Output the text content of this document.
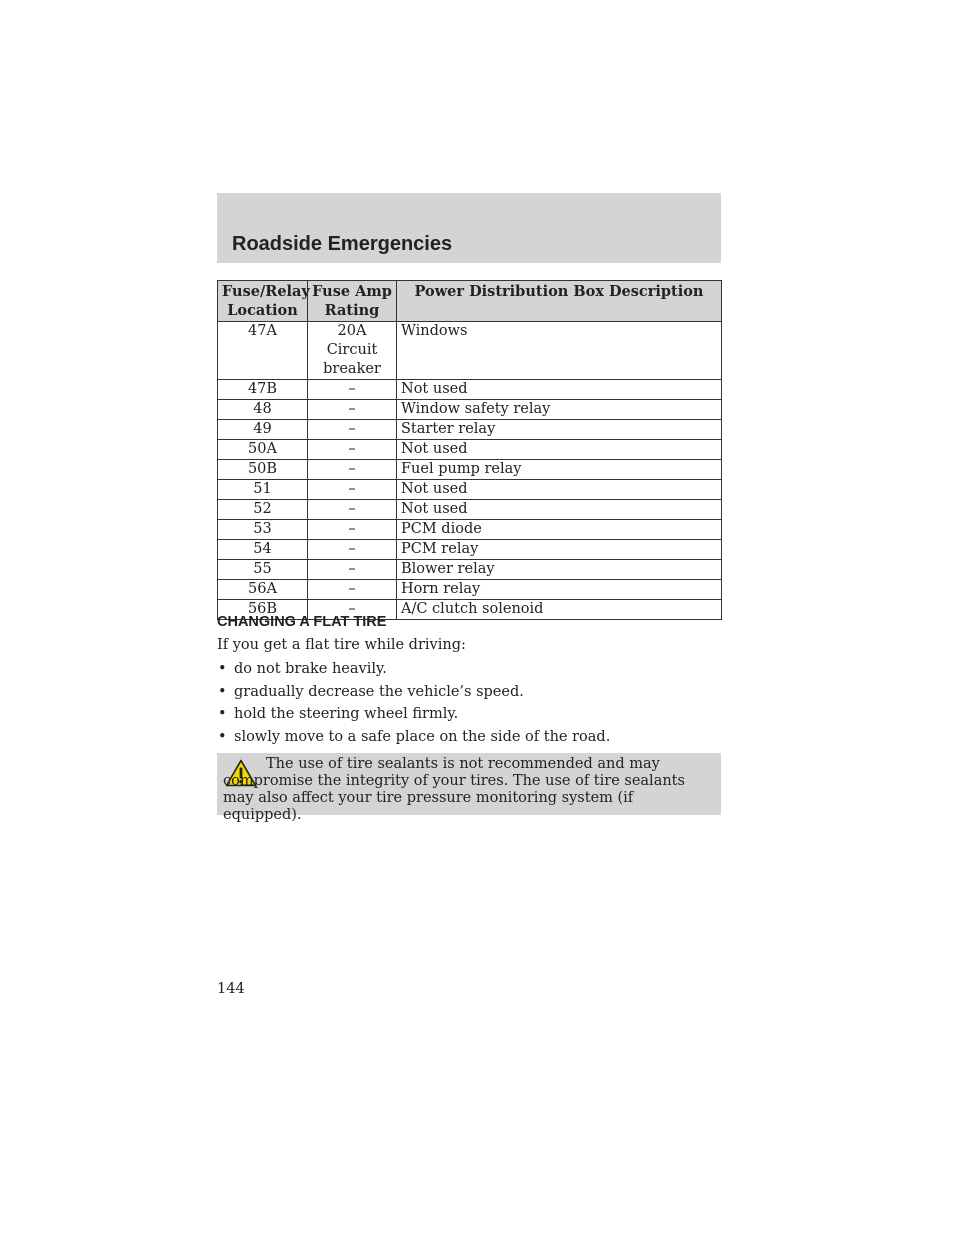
Roadside Emergencies
Fuse/Relay Location	Fuse Amp Rating	Power Distribution Box Description
47A	20A Circuit breaker	Windows
47B	–	Not used
48	–	Window safety relay
49	–	Starter relay
50A	–	Not used
50B	–	Fuel pump relay
51	–	Not used
52	–	Not used
53	–	PCM diode
54	–	PCM relay
55	–	Blower relay
56A	–	Horn relay
56B	–	A/C clutch solenoid
CHANGING A FLAT TIRE

If you get a flat tire while driving:

• do not brake heavily.
• gradually decrease the vehicle’s speed.
• hold the steering wheel firmly.
• slowly move to a safe place on the side of the road.

The use of tire sealants is not recommended and may compromise the integrity of your tires. The use of tire sealants may also affect your tire pressure monitoring system (if equipped).

144
